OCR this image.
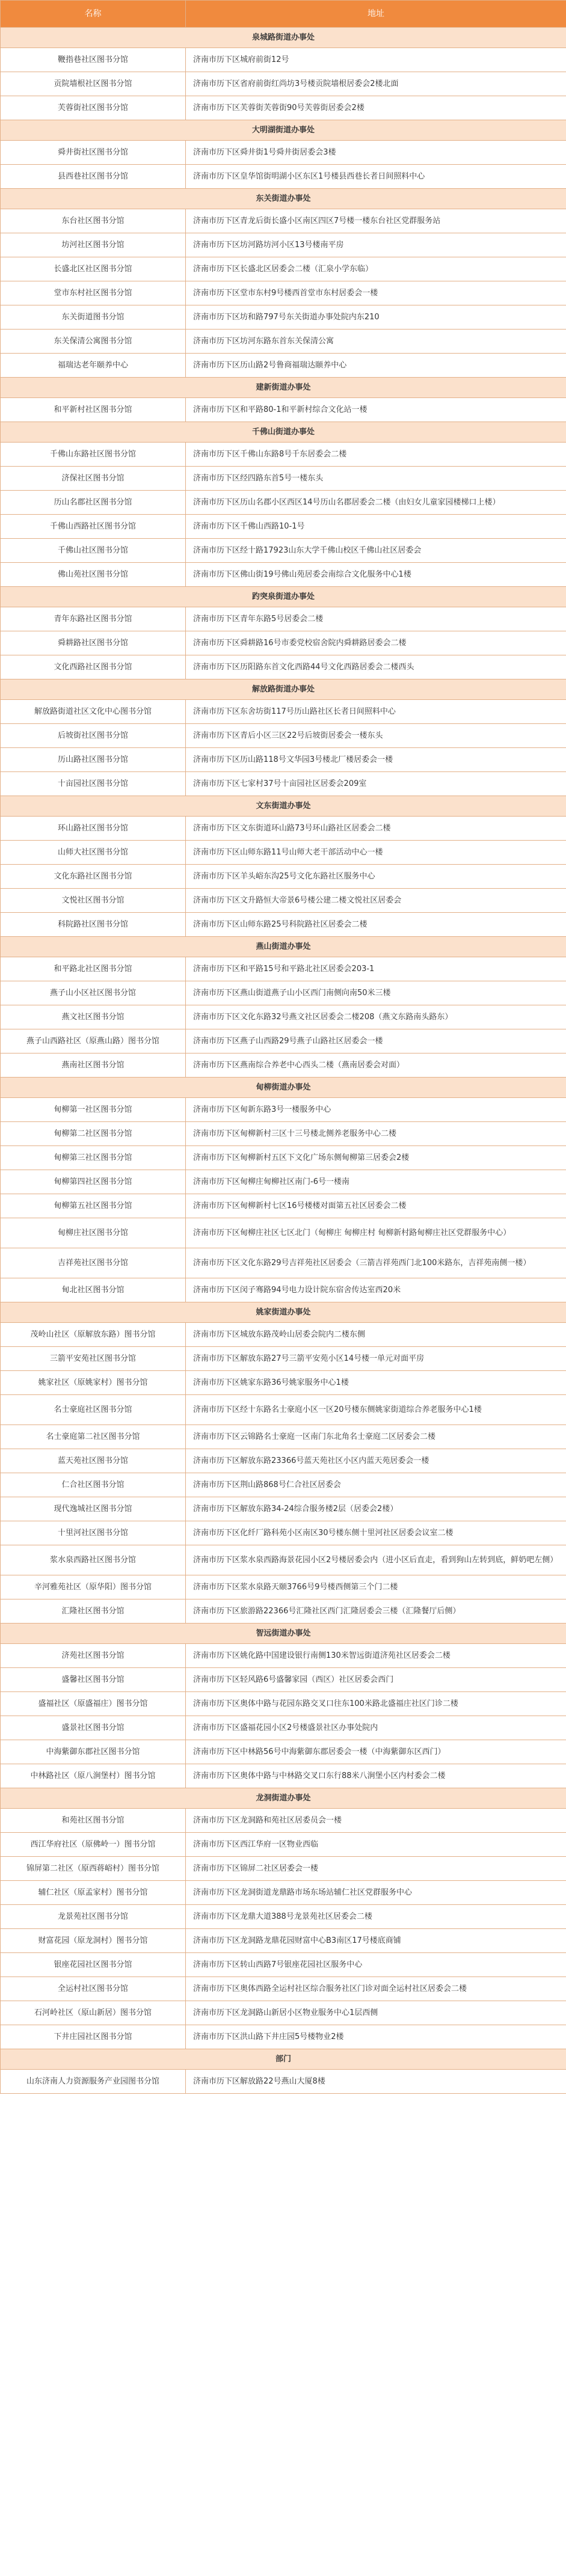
名称	地址
泉城路街道办事处	
鞭指巷社区图书分馆	济南市历下区城府前街12号
贡院墙根社区图书分馆	济南市历下区省府前街红尚坊3号楼贡院墙根居委会2楼北面
芙蓉街社区图书分馆	济南市历下区芙蓉街芙蓉街90号芙蓉街居委会2楼
大明湖街道办事处	
舜井街社区图书分馆	济南市历下区舜井街1号舜井街居委会3楼
县西巷社区图书分馆	济南市历下区皇华馆街明湖小区东区1号楼县西巷长者日间照料中心
东关街道办事处	
东台社区图书分馆	济南市历下区青龙后街长盛小区南区四区7号楼一楼东台社区党群服务站
坊河社区图书分馆	济南市历下区坊河路坊河小区13号楼南平房
长盛北区社区图书分馆	济南市历下区长盛北区居委会二楼（汇泉小学东临）
堂市东村社区图书分馆	济南市历下区堂市东村9号楼西首堂市东村居委会一楼
东关街道图书分馆	济南市历下区坊和路797号东关街道办事处院内东210
东关保清公寓图书分馆	济南市历下区坊河东路东首东关保清公寓
福瑞达老年颐养中心	济南市历下区历山路2号鲁商福瑞达颐养中心
建新街道办事处	
和平新村社区图书分馆	济南市历下区和平路80-1和平新村综合文化站一楼
千佛山街道办事处	
千佛山东路社区图书分馆	济南市历下区千佛山东路8号千东居委会二楼
济保社区图书分馆	济南市历下区经四路东首5号一楼东头
历山名郡社区图书分馆	济南市历下区历山名郡小区西区14号历山名郡居委会二楼（由妇女儿童家园楼梯口上楼）
千佛山西路社区图书分馆	济南市历下区千佛山西路10-1号
千佛山社区图书分馆	济南市历下区经十路17923山东大学千佛山校区千佛山社区居委会
佛山苑社区图书分馆	济南市历下区佛山街19号佛山苑居委会南综合文化服务中心1楼
趵突泉街道办事处	
青年东路社区图书分馆	济南市历下区青年东路5号居委会二楼
舜耕路社区图书分馆	济南市历下区舜耕路16号市委党校宿舍院内舜耕路居委会二楼
文化西路社区图书分馆	济南市历下区历阳路东首文化西路44号文化西路居委会二楼西头
解放路街道办事处	
解放路街道社区文化中心图书分馆	济南市历下区东舍坊街117号历山路社区长者日间照料中心
后坡街社区图书分馆	济南市历下区青后小区三区22号后坡街居委会一楼东头
历山路社区图书分馆	济南市历下区历山路118号文华园3号楼北厂楼居委会一楼
十亩园社区图书分馆	济南市历下区七家村37号十亩园社区居委会209室
文东街道办事处	
环山路社区图书分馆	济南市历下区文东街道环山路73号环山路社区居委会二楼
山师大社区图书分馆	济南市历下区山师东路11号山师大老干部活动中心一楼
文化东路社区图书分馆	济南市历下区羊头峪东沟25号文化东路社区服务中心
文悦社区图书分馆	济南市历下区文升路恒大帝景6号楼公建二楼文悦社区居委会
科院路社区图书分馆	济南市历下区山师东路25号科院路社区居委会二楼
燕山街道办事处	
和平路北社区图书分馆	济南市历下区和平路15号和平路北社区居委会203-1
燕子山小区社区图书分馆	济南市历下区燕山街道燕子山小区西门南侧向南50米三楼
燕文社区图书分馆	济南市历下区文化东路32号燕文社区居委会二楼208（燕文东路南头路东）
燕子山西路社区（原燕山路）图书分馆	济南市历下区燕子山西路29号燕子山路社区居委会一楼
燕南社区图书分馆	济南市历下区燕南综合养老中心西头二楼（燕南居委会对面）
甸柳街道办事处	
甸柳第一社区图书分馆	济南市历下区甸新东路3号一楼服务中心
甸柳第二社区图书分馆	济南市历下区甸柳新村三区十三号楼北侧养老服务中心二楼
甸柳第三社区图书分馆	济南市历下区甸柳新村五区下文化广场东侧甸柳第三居委会2楼
甸柳第四社区图书分馆	济南市历下区甸柳庄甸柳社区南门-6号一楼南
甸柳第五社区图书分馆	济南市历下区甸柳新村七区16号楼楼对面第五社区居委会二楼
甸柳庄社区图书分馆	济南市历下区甸柳庄社区七区北门（甸柳庄 甸柳庄村 甸柳新村路甸柳庄社区党群服务中心）
吉祥苑社区图书分馆	济南市历下区文化东路29号吉祥苑社区居委会（三箭吉祥苑西门北100米路东，吉祥苑南侧一楼）
甸北社区图书分馆	济南市历下区闵子骞路94号电力设计院东宿舍传达室西20米
姚家街道办事处	
茂岭山社区（原解放东路）图书分馆	济南市历下区城放东路茂岭山居委会院内二楼东侧
三箭平安苑社区图书分馆	济南市历下区解放东路27号三箭平安苑小区14号楼一单元对面平房
姚家社区（原姚家村）图书分馆	济南市历下区姚家东路36号姚家服务中心1楼
名士豪庭社区图书分馆	济南市历下区经十东路名士豪庭小区一区20号楼东侧姚家街道综合养老服务中心1楼
名士豪庭第二社区图书分馆	济南市历下区云锦路名士豪庭一区南门东北角名士豪庭二区居委会二楼
蓝天苑社区图书分馆	济南市历下区解放东路23366号蓝天苑社区小区内蓝天苑居委会一楼
仁合社区图书分馆	济南市历下区荆山路868号仁合社区居委会
现代逸城社区图书分馆	济南市历下区解放东路34-24综合服务楼2层（居委会2楼）
十里河社区图书分馆	济南市历下区化纤厂路科苑小区南区30号楼东侧十里河社区居委会议室二楼
浆水泉西路社区图书分馆	济南市历下区浆水泉西路海景花园小区2号楼居委会内（进小区后直走，看到狗山左转到底，鲜奶吧左侧）
辛河雅苑社区（原华阳）图书分馆	济南市历下区浆水泉路天颐3766号9号楼西侧第三个门二楼
汇隆社区图书分馆	济南市历下区旅游路22366号汇隆社区西门汇隆居委会三楼（汇隆餐厅后侧）
智远街道办事处	
济苑社区图书分馆	济南市历下区姚化路中国建设银行南侧130米智远街道济苑社区居委会二楼
盛馨社区图书分馆	济南市历下区轻风路6号盛馨家园（西区）社区居委会西门
盛福社区（原盛福庄）图书分馆	济南市历下区奥体中路与花园东路交叉口往东100米路北盛福庄社区门诊二楼
盛景社区图书分馆	济南市历下区盛福花园小区2号楼盛景社区办事处院内
中海紫御东郡社区图书分馆	济南市历下区中林路56号中海紫御东郡居委会一楼（中海紫御东区西门）
中林路社区（原八涧堡村）图书分馆	济南市历下区奥体中路与中林路交叉口东行88米八涧堡小区内村委会二楼
龙洞街道办事处	
和苑社区图书分馆	济南市历下区龙洞路和苑社区居委员会一楼
西江华府社区（原佛岭一）图书分馆	济南市历下区西江华府一区物业西临
锦屏第二社区（原西蒋峪村）图书分馆	济南市历下区锦屏二社区居委会一楼
辅仁社区（原孟家村）图书分馆	济南市历下区龙洞街道龙鼎路市场东场站辅仁社区党群服务中心
龙景苑社区图书分馆	济南市历下区龙鼎大道388号龙景苑社区居委会二楼
财富花园（原龙洞村）图书分馆	济南市历下区龙洞路龙鼎花园财富中心B3南区17号楼底商铺
银座花园社区图书分馆	济南市历下区转山西路7号银座花园社区服务中心
全运村社区图书分馆	济南市历下区奥体西路全运村社区综合服务社区门诊对面全运村社区居委会二楼
石河岭社区（原山新居）图书分馆	济南市历下区龙洞路山新居小区物业服务中心1层西侧
下井庄园社区图书分馆	济南市历下区洪山路下井庄园5号楼物业2楼
部门	
山东济南人力资源服务产业园图书分馆	济南市历下区解放路22号燕山大厦8楼
